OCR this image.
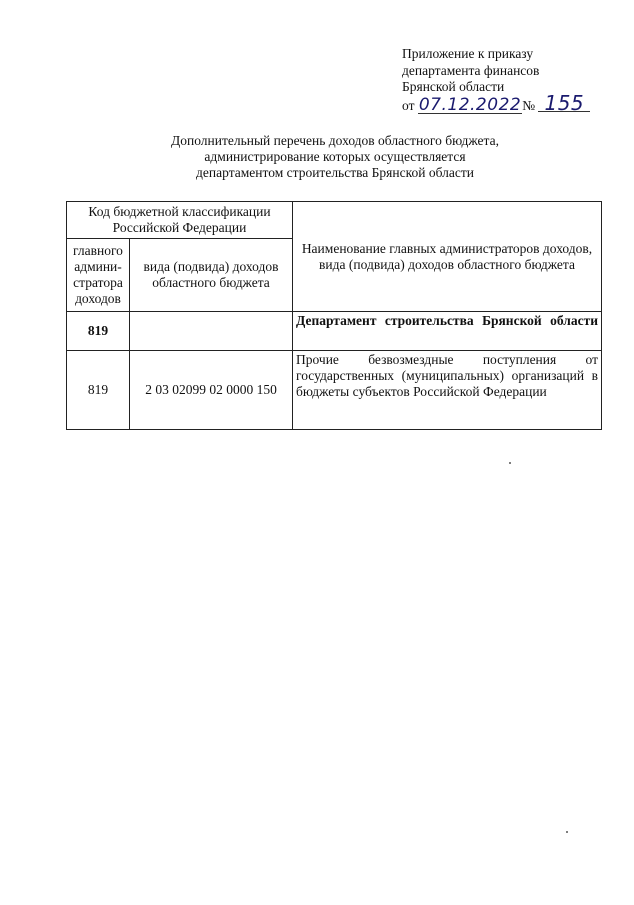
Приложение к приказу
департамента финансов
Брянской области
от 07.12.2022№ 155
Дополнительный перечень доходов областного бюджета,
администрирование которых осуществляется
департаментом строительства Брянской области
Код бюджетной классификации Российской Федерации		Наименование главных администраторов доходов, вида (подвида) доходов областного бюджета
главного админи-стратора доходов	вида (подвида) доходов областного бюджета	
819		Департамент строительства Брянской области
819	2 03 02099 02 0000 150	Прочие безвозмездные поступления от государственных (муниципальных) организаций в бюджеты субъектов Российской Федерации
